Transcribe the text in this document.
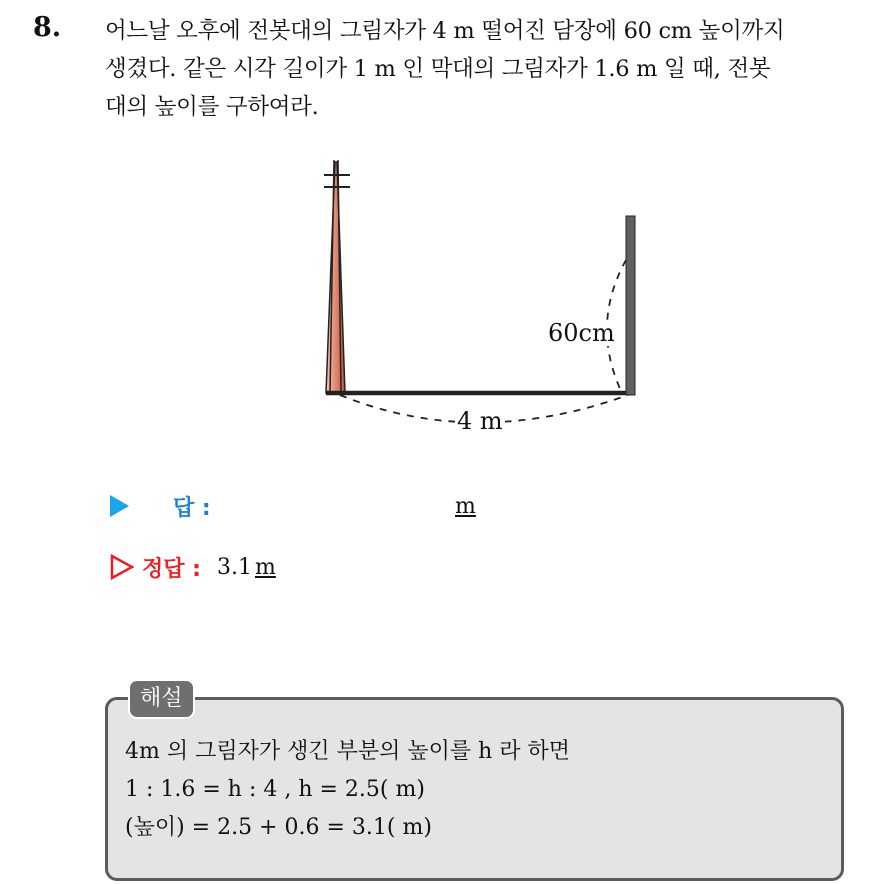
8. 어느날 오후에 전봇대의 그림자가 4 m 떨어진 담장에 60 cm 높이까지
생겼다. 같은 시각 길이가 1 m 인 막대의 그림자가 1.6 m 일 때, 전봇
대의 높이를 구하여라.
60cm
4 m
답 :	m
정답 : 3.1 m
해설
4m 의 그림자가 생긴 부분의 높이를 h 라 하면
1 : 1.6 = h : 4 , h = 2.5( m)
(높이) = 2.5 + 0.6 = 3.1( m)
